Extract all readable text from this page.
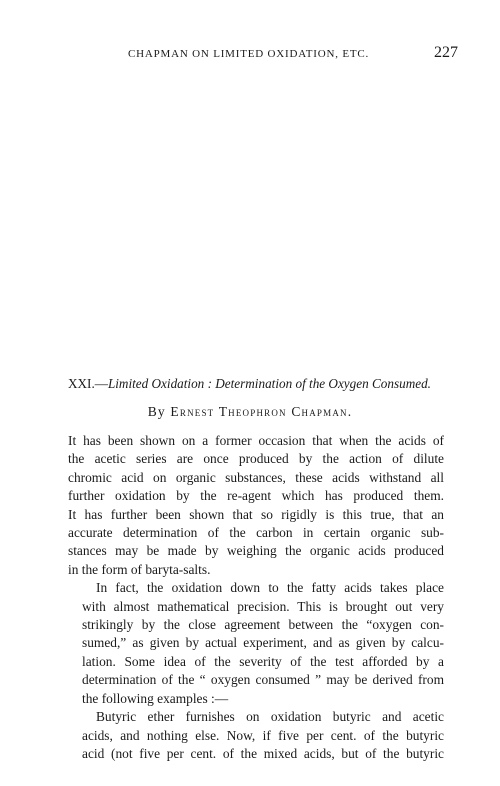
CHAPMAN ON LIMITED OXIDATION, ETC.	227
XXI.—Limited Oxidation : Determination of the Oxygen Consumed.
By Ernest Theophron Chapman.

It has been shown on a former occasion that when the acids of
the acetic series are once produced by the action of dilute
chromic acid on organic substances, these acids withstand all
further oxidation by the re-agent which has produced them.
It has further been shown that so rigidly is this true, that an
accurate determination of the carbon in certain organic sub-
stances may be made by weighing the organic acids produced
in the form of baryta-salts.

In fact, the oxidation down to the fatty acids takes place
with almost mathematical precision. This is brought out very
strikingly by the close agreement between the “oxygen con-
sumed,” as given by actual experiment, and as given by calcu-
lation. Some idea of the severity of the test afforded by a
determination of the “ oxygen consumed ” may be derived from
the following examples :—

Butyric ether furnishes on oxidation butyric and acetic
acids, and nothing else. Now, if five per cent. of the butyric
acid (not five per cent. of the mixed acids, but of the butyric
